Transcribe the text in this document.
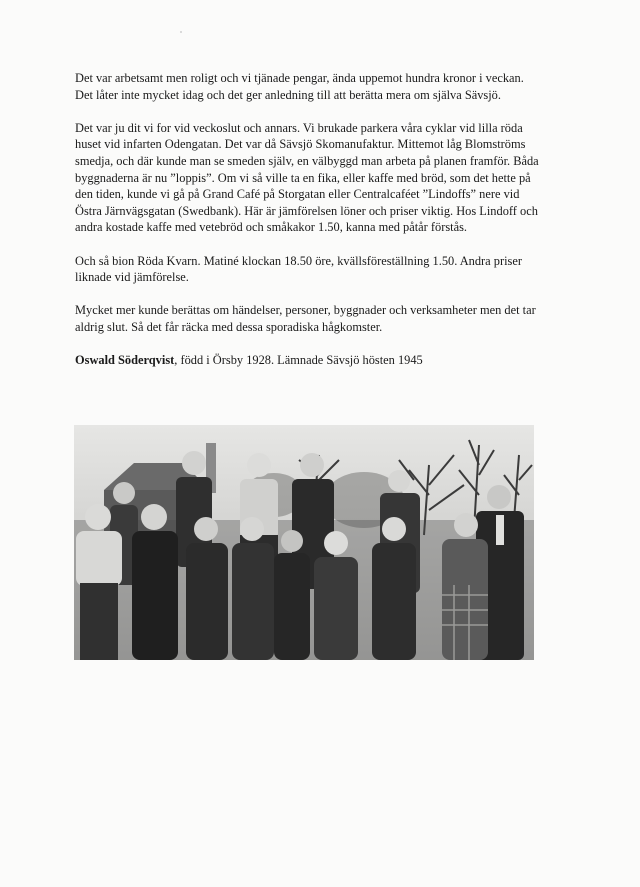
Det var arbetsamt men roligt och vi tjänade pengar, ända uppemot hundra kronor i veckan.
Det låter inte mycket idag och det ger anledning till att berätta mera om själva Sävsjö.

Det var ju dit vi for vid veckoslut och annars. Vi brukade parkera våra cyklar vid lilla röda
huset vid infarten Odengatan. Det var då Sävsjö Skomanufaktur. Mittemot låg Blomströms
smedja, och där kunde man se smeden själv, en välbyggd man arbeta på planen framför. Båda
byggnaderna är nu ”loppis”. Om vi så ville ta en fika, eller kaffe med bröd, som det hette på
den tiden, kunde vi gå på Grand Café på Storgatan eller Centralcaféet ”Lindoffs” nere vid
Östra Järnvägsgatan (Swedbank). Här är jämförelsen löner och priser viktig. Hos Lindoff och
andra kostade kaffe med vetebröd och småkakor 1.50, kanna med påtår förstås.

Och så bion Röda Kvarn. Matiné klockan 18.50 öre, kvällsföreställning 1.50. Andra priser
liknade vid jämförelse.

Mycket mer kunde berättas om händelser, personer, byggnader och verksamheter men det tar
aldrig slut. Så det får räcka med dessa sporadiska hågkomster.

Oswald Söderqvist, född i Örsby 1928. Lämnade Sävsjö hösten 1945
